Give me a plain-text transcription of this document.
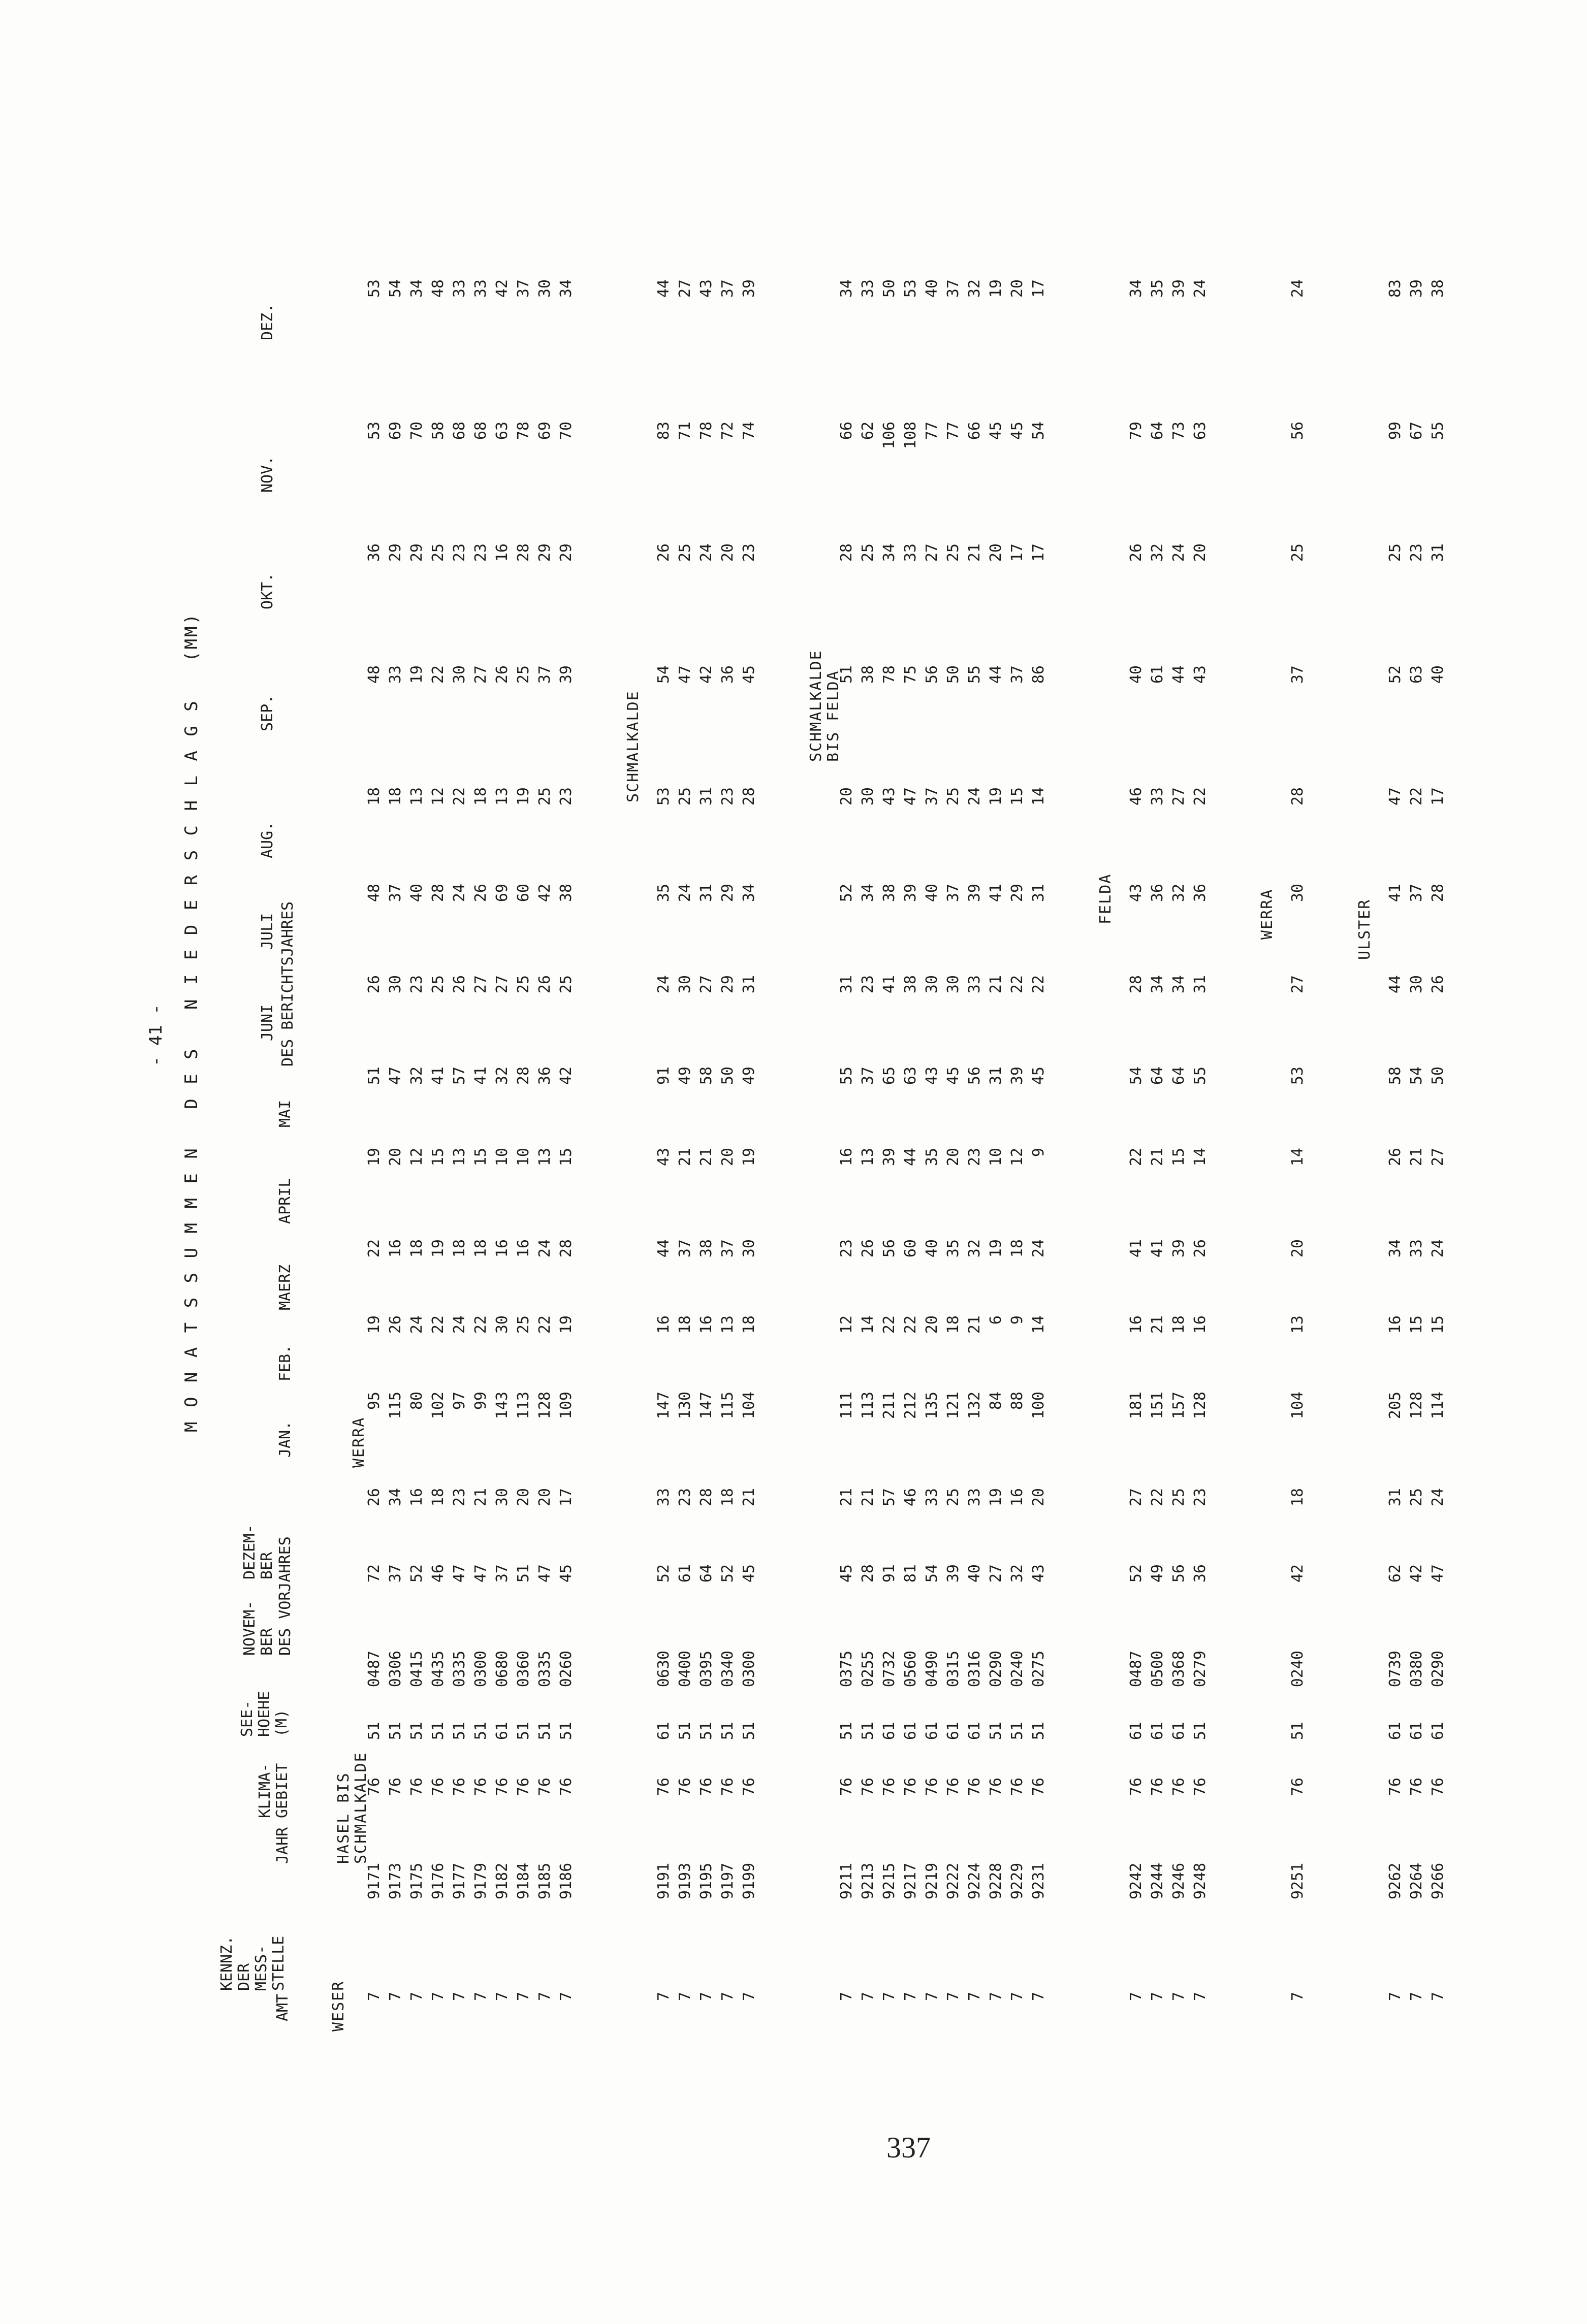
- 41 - M O N A T S S U M M E N   D E S   N I E D E R S C H L A G S   (MM)
AMT
KENNZ.
DER
MESS-
STELLE
JAHR
KLIMA-
GEBIET
SEE-
HOEHE
(M)
NOVEM-
BER
DEZEM-
BER DES VORJAHRES
JAN.
FEB.
MAERZ
APRIL
MAI
JUNI
JULI DES BERICHTSJAHRES
AUG.
SEP.
OKT.
NOV.
DEZ.
WESER
HASEL BIS SCHMALKALDE
WERRA
7
9171
76
51
0487
72
26
95
19
22
19
51
26
48
18
48
36
53
53
7
9173
76
51
0306
37
34
115
26
16
20
47
30
37
18
33
29
69
54
7
9175
76
51
0415
52
16
80
24
18
12
32
23
40
13
19
29
70
34
7
9176
76
51
0435
46
18
102
22
19
15
41
25
28
12
22
25
58
48
7
9177
76
51
0335
47
23
97
24
18
13
57
26
24
22
30
23
68
33
7
9179
76
51
0300
47
21
99
22
18
15
41
27
26
18
27
23
68
33
7
9182
76
61
0680
37
30
143
30
16
10
32
27
69
13
26
16
63
42
7
9184
76
51
0360
51
20
113
25
16
10
28
25
60
19
25
28
78
37
7
9185
76
51
0335
47
20
128
22
24
13
36
26
42
25
37
29
69
30
7
9186
76
51
0260
45
17
109
19
28
15
42
25
38
23
39
29
70
34
SCHMALKALDE
7
9191
76
61
0630
52
33
147
16
44
43
91
24
35
53
54
26
83
44
7
9193
76
51
0400
61
23
130
18
37
21
49
30
24
25
47
25
71
27
7
9195
76
51
0395
64
28
147
16
38
21
58
27
31
31
42
24
78
43
7
9197
76
51
0340
52
18
115
13
37
20
50
29
29
23
36
20
72
37
7
9199
76
51
0300
45
21
104
18
30
19
49
31
34
28
45
23
74
39
SCHMALKALDE BIS FELDA
7
9211
76
51
0375
45
21
111
12
23
16
55
31
52
20
51
28
66
34
7
9213
76
51
0255
28
21
113
14
26
13
37
23
34
30
38
25
62
33
7
9215
76
61
0732
91
57
211
22
56
39
65
41
38
43
78
34
106
50
7
9217
76
61
0560
81
46
212
22
60
44
63
38
39
47
75
33
108
53
7
9219
76
61
0490
54
33
135
20
40
35
43
30
40
37
56
27
77
40
7
9222
76
61
0315
39
25
121
18
35
20
45
30
37
25
50
25
77
37
7
9224
76
61
0316
40
33
132
21
32
23
56
33
39
24
55
21
66
32
7
9228
76
51
0290
27
19
84
6
19
10
31
21
41
19
44
20
45
19
7
9229
76
51
0240
32
16
88
9
18
12
39
22
29
15
37
17
45
20
7
9231
76
51
0275
43
20
100
14
24
9
45
22
31
14
86
17
54
17
FELDA
7
9242
76
61
0487
52
27
181
16
41
22
54
28
43
46
40
26
79
34
7
9244
76
61
0500
49
22
151
21
41
21
64
34
36
33
61
32
64
35
7
9246
76
61
0368
56
25
157
18
39
15
64
34
32
27
44
24
73
39
7
9248
76
51
0279
36
23
128
16
26
14
55
31
36
22
43
20
63
24
WERRA
7
9251
76
51
0240
42
18
104
13
20
14
53
27
30
28
37
25
56
24
ULSTER
7
9262
76
61
0739
62
31
205
16
34
26
58
44
41
47
52
25
99
83
7
9264
76
61
0380
42
25
128
15
33
21
54
30
37
22
63
23
67
39
7
9266
76
61
0290
47
24
114
15
24
27
50
26
28
17
40
31
55
38
337
